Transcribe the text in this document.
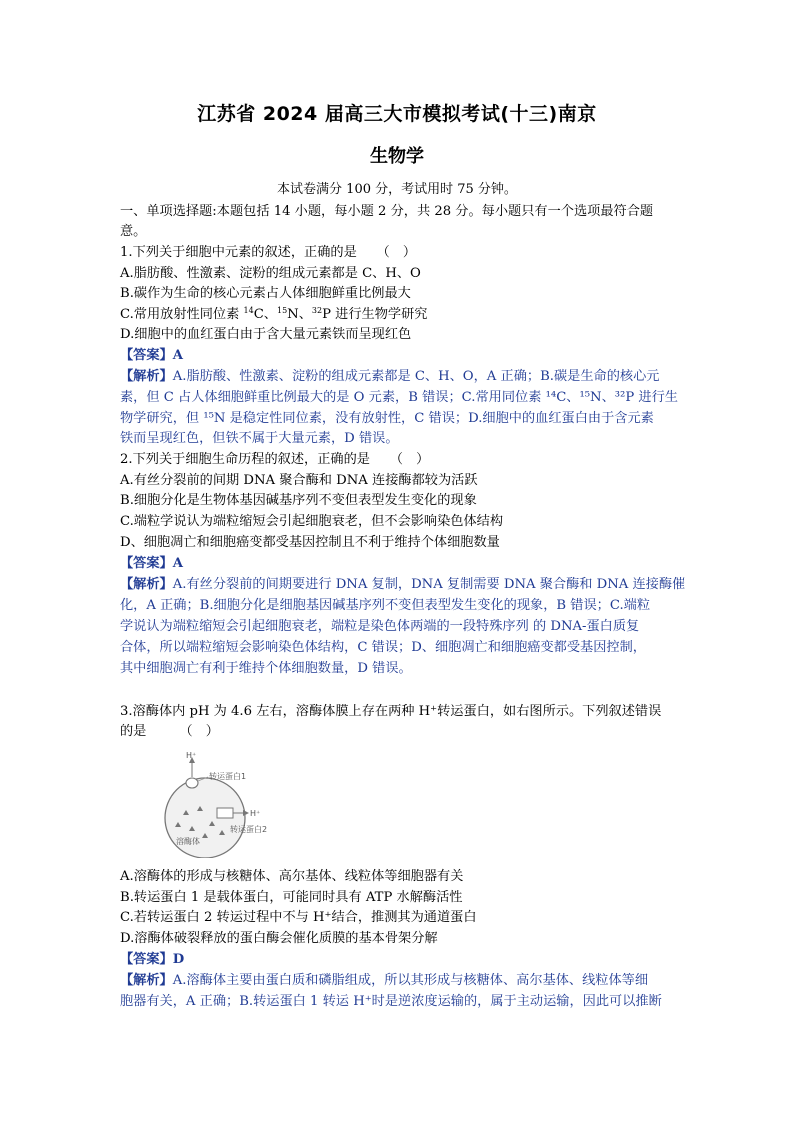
江苏省 2024 届高三大市模拟考试(十三)南京
生物学
本试卷满分 100 分，考试用时 75 分钟。
一、单项选择题:本题包括 14 小题，每小题 2 分，共 28 分。每小题只有一个选项最符合题
意。
1.下列关于细胞中元素的叙述，正确的是　　（　）
A.脂肪酸、性激素、淀粉的组成元素都是 C、H、O
B.碳作为生命的核心元素占人体细胞鲜重比例最大
C.常用放射性同位素 $^{14}$C、$^{15}$N、$^{32}$P 进行生物学研究
D.细胞中的血红蛋白由于含大量元素铁而呈现红色
【答案】A
【解析】A.脂肪酸、性激素、淀粉的组成元素都是 C、H、O，A 正确；B.碳是生命的核心元
素，但 C 占人体细胞鲜重比例最大的是 O 元素，B 错误；C.常用同位素 ¹⁴C、¹⁵N、³²P 进行生
物学研究，但 ¹⁵N 是稳定性同位素，没有放射性，C 错误；D.细胞中的血红蛋白由于含元素
铁而呈现红色，但铁不属于大量元素，D 错误。
2.下列关于细胞生命历程的叙述，正确的是　　（　）
A.有丝分裂前的间期 DNA 聚合酶和 DNA 连接酶都较为活跃
B.细胞分化是生物体基因碱基序列不变但表型发生变化的现象
C.端粒学说认为端粒缩短会引起细胞衰老，但不会影响染色体结构
D、细胞凋亡和细胞癌变都受基因控制且不利于维持个体细胞数量
【答案】A
【解析】A.有丝分裂前的间期要进行 DNA 复制，DNA 复制需要 DNA 聚合酶和 DNA 连接酶催
化，A 正确；B.细胞分化是细胞基因碱基序列不变但表型发生变化的现象，B 错误；C.端粒
学说认为端粒缩短会引起细胞衰老，端粒是染色体两端的一段特殊序列 的 DNA-蛋白质复
合体，所以端粒缩短会影响染色体结构，C 错误；D、细胞凋亡和细胞癌变都受基因控制，
其中细胞凋亡有利于维持个体细胞数量，D 错误。
3.溶酶体内 pH 为 4.6 左右，溶酶体膜上存在两种 H⁺转运蛋白，如右图所示。下列叙述错误
的是　　　（　）
H⁺
转运蛋白1
H⁺
转运蛋白2
溶酶体
A.溶酶体的形成与核糖体、高尔基体、线粒体等细胞器有关
B.转运蛋白 1 是载体蛋白，可能同时具有 ATP 水解酶活性
C.若转运蛋白 2 转运过程中不与 H⁺结合，推测其为通道蛋白
D.溶酶体破裂释放的蛋白酶会催化质膜的基本骨架分解
【答案】D
【解析】A.溶酶体主要由蛋白质和磷脂组成，所以其形成与核糖体、高尔基体、线粒体等细
胞器有关，A 正确；B.转运蛋白 1 转运 H⁺时是逆浓度运输的，属于主动运输，因此可以推断
